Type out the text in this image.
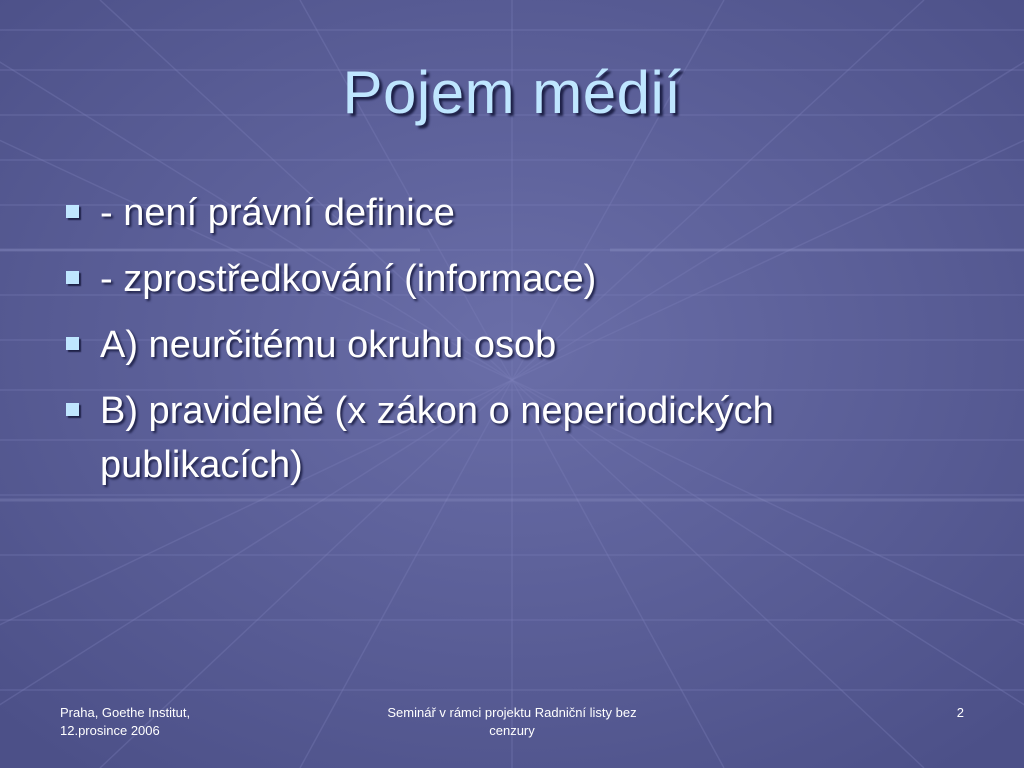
Pojem médií
- není právní definice
- zprostředkování (informace)
A) neurčitému okruhu osob
B) pravidelně (x zákon o neperiodických publikacích)
Praha, Goethe Institut,
12.prosince 2006
Seminář v rámci projektu Radniční listy bez
cenzury
2
